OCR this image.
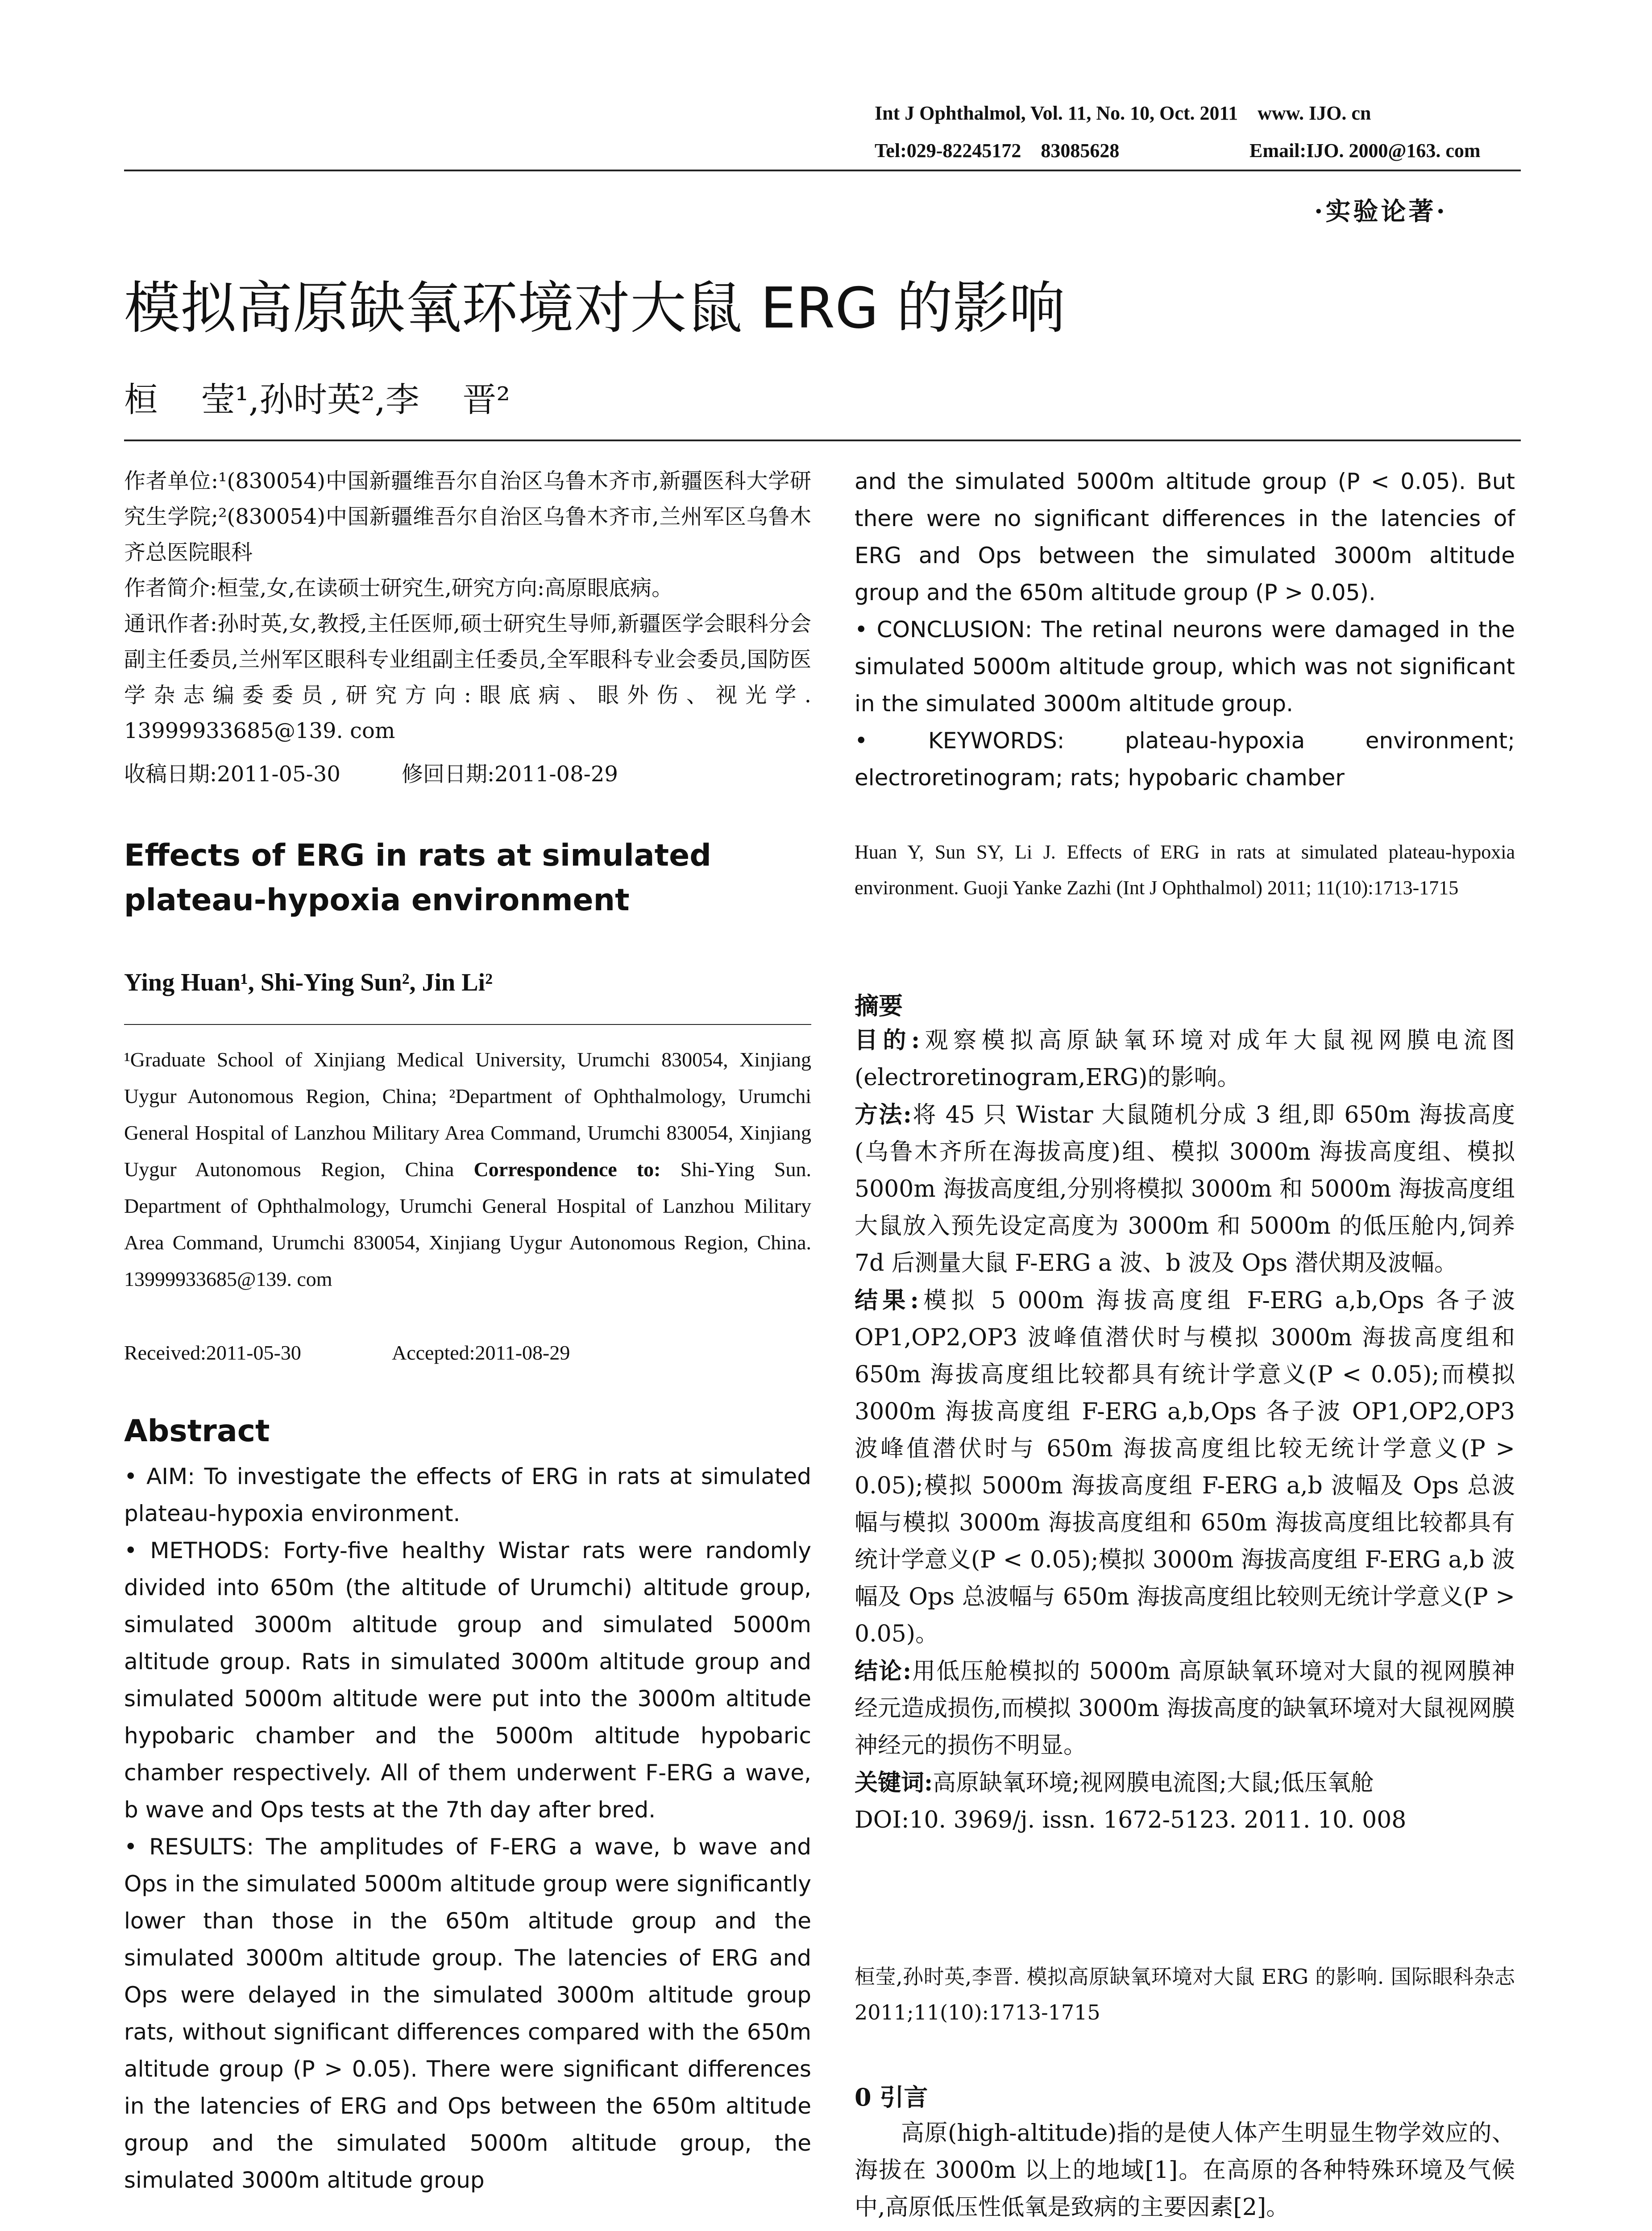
Int J Ophthalmol, Vol. 11, No. 10, Oct. 2011    www. IJO. cn
Tel:029-82245172    83085628	Email:IJO. 2000@163. com
·实验论著·
模拟高原缺氧环境对大鼠 ERG 的影响
桓    莹¹,孙时英²,李    晋²

作者单位:¹(830054)中国新疆维吾尔自治区乌鲁木齐市,新疆医科大学研究生学院;²(830054)中国新疆维吾尔自治区乌鲁木齐市,兰州军区乌鲁木齐总医院眼科

作者简介:桓莹,女,在读硕士研究生,研究方向:高原眼底病。

通讯作者:孙时英,女,教授,主任医师,硕士研究生导师,新疆医学会眼科分会副主任委员,兰州军区眼科专业组副主任委员,全军眼科专业会委员,国防医学杂志编委委员,研究方向:眼底病、眼外伤、视光学. 13999933685@139. com

收稿日期:2011-05-30	修回日期:2011-08-29
Effects of ERG in rats at simulated plateau-hypoxia environment
Ying Huan¹, Shi-Ying Sun², Jin Li²
¹Graduate School of Xinjiang Medical University, Urumchi 830054, Xinjiang Uygur Autonomous Region, China; ²Department of Ophthalmology, Urumchi General Hospital of Lanzhou Military Area Command, Urumchi 830054, Xinjiang Uygur Autonomous Region, China Correspondence to: Shi-Ying Sun. Department of Ophthalmology, Urumchi General Hospital of Lanzhou Military Area Command, Urumchi 830054, Xinjiang Uygur Autonomous Region, China. 13999933685@139. com
Received:2011-05-30	Accepted:2011-08-29
Abstract

• AIM: To investigate the effects of ERG in rats at simulated plateau-hypoxia environment.

• METHODS: Forty-five healthy Wistar rats were randomly divided into 650m (the altitude of Urumchi) altitude group, simulated 3000m altitude group and simulated 5000m altitude group. Rats in simulated 3000m altitude group and simulated 5000m altitude were put into the 3000m altitude hypobaric chamber and the 5000m altitude hypobaric chamber respectively. All of them underwent F-ERG a wave, b wave and Ops tests at the 7th day after bred.

• RESULTS: The amplitudes of F-ERG a wave, b wave and Ops in the simulated 5000m altitude group were significantly lower than those in the 650m altitude group and the simulated 3000m altitude group. The latencies of ERG and Ops were delayed in the simulated 3000m altitude group rats, without significant differences compared with the 650m altitude group (P > 0.05). There were significant differences in the latencies of ERG and Ops between the 650m altitude group and the simulated 5000m altitude group, the simulated 3000m altitude group

and the simulated 5000m altitude group (P < 0.05). But there were no significant differences in the latencies of ERG and Ops between the simulated 3000m altitude group and the 650m altitude group (P > 0.05).

• CONCLUSION: The retinal neurons were damaged in the simulated 5000m altitude group, which was not significant in the simulated 3000m altitude group.

• KEYWORDS:	plateau-hypoxia environment; electroretinogram; rats; hypobaric chamber

Huan Y, Sun SY, Li J. Effects of ERG in rats at simulated plateau-hypoxia environment. Guoji Yanke Zazhi (Int J Ophthalmol) 2011; 11(10):1713-1715
摘要

目的:观察模拟高原缺氧环境对成年大鼠视网膜电流图(electroretinogram,ERG)的影响。

方法:将 45 只 Wistar 大鼠随机分成 3 组,即 650m 海拔高度(乌鲁木齐所在海拔高度)组、模拟 3000m 海拔高度组、模拟 5000m 海拔高度组,分别将模拟 3000m 和 5000m 海拔高度组大鼠放入预先设定高度为 3000m 和 5000m 的低压舱内,饲养 7d 后测量大鼠 F-ERG a 波、b 波及 Ops 潜伏期及波幅。

结果:模拟 5 000m 海拔高度组 F-ERG a,b,Ops 各子波 OP1,OP2,OP3 波峰值潜伏时与模拟 3000m 海拔高度组和 650m 海拔高度组比较都具有统计学意义(P < 0.05);而模拟 3000m 海拔高度组 F-ERG a,b,Ops 各子波 OP1,OP2,OP3 波峰值潜伏时与 650m 海拔高度组比较无统计学意义(P > 0.05);模拟 5000m 海拔高度组 F-ERG a,b 波幅及 Ops 总波幅与模拟 3000m 海拔高度组和 650m 海拔高度组比较都具有统计学意义(P < 0.05);模拟 3000m 海拔高度组 F-ERG a,b 波幅及 Ops 总波幅与 650m 海拔高度组比较则无统计学意义(P > 0.05)。

结论:用低压舱模拟的 5000m 高原缺氧环境对大鼠的视网膜神经元造成损伤,而模拟 3000m 海拔高度的缺氧环境对大鼠视网膜神经元的损伤不明显。

关键词:高原缺氧环境;视网膜电流图;大鼠;低压氧舱

DOI:10. 3969/j. issn. 1672-5123. 2011. 10. 008

桓莹,孙时英,李晋. 模拟高原缺氧环境对大鼠 ERG 的影响. 国际眼科杂志 2011;11(10):1713-1715
0 引言
高原(high-altitude)指的是使人体产生明显生物学效应的、海拔在 3000m 以上的地域[1]。在高原的各种特殊环境及气候中,高原低压性低氧是致病的主要因素[2]。
